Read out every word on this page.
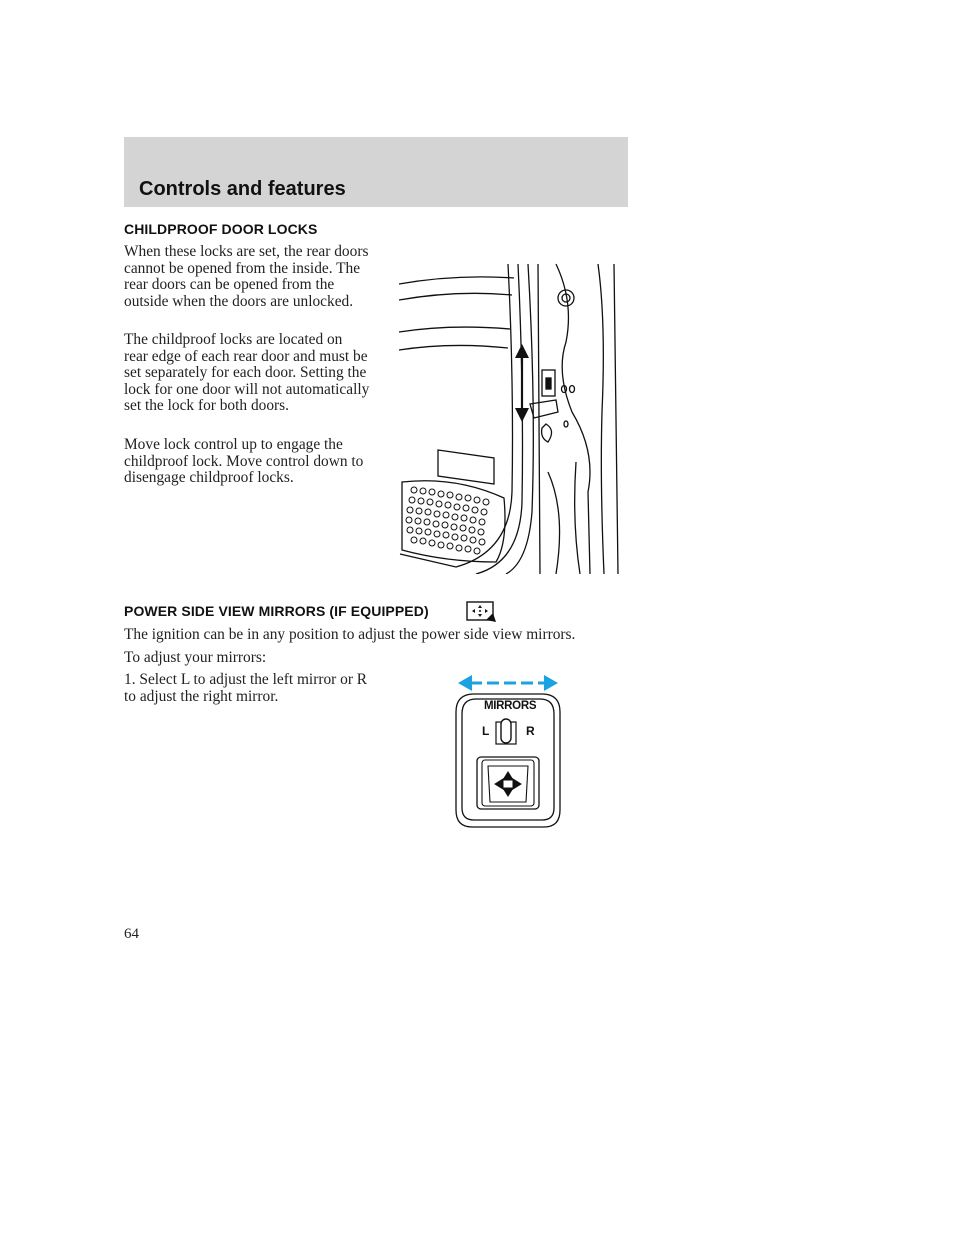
Controls and features
CHILDPROOF DOOR LOCKS

When these locks are set, the rear doors cannot be opened from the inside. The rear doors can be opened from the outside when the doors are unlocked.

The childproof locks are located on rear edge of each rear door and must be set separately for each door. Setting the lock for one door will not automatically set the lock for both doors.

Move lock control up to engage the childproof lock. Move control down to disengage childproof locks.

POWER SIDE VIEW MIRRORS (IF EQUIPPED)

The ignition can be in any position to adjust the power side view mirrors.

To adjust your mirrors:

1. Select L to adjust the left mirror or R to adjust the right mirror.

MIRRORS
L	R

64
